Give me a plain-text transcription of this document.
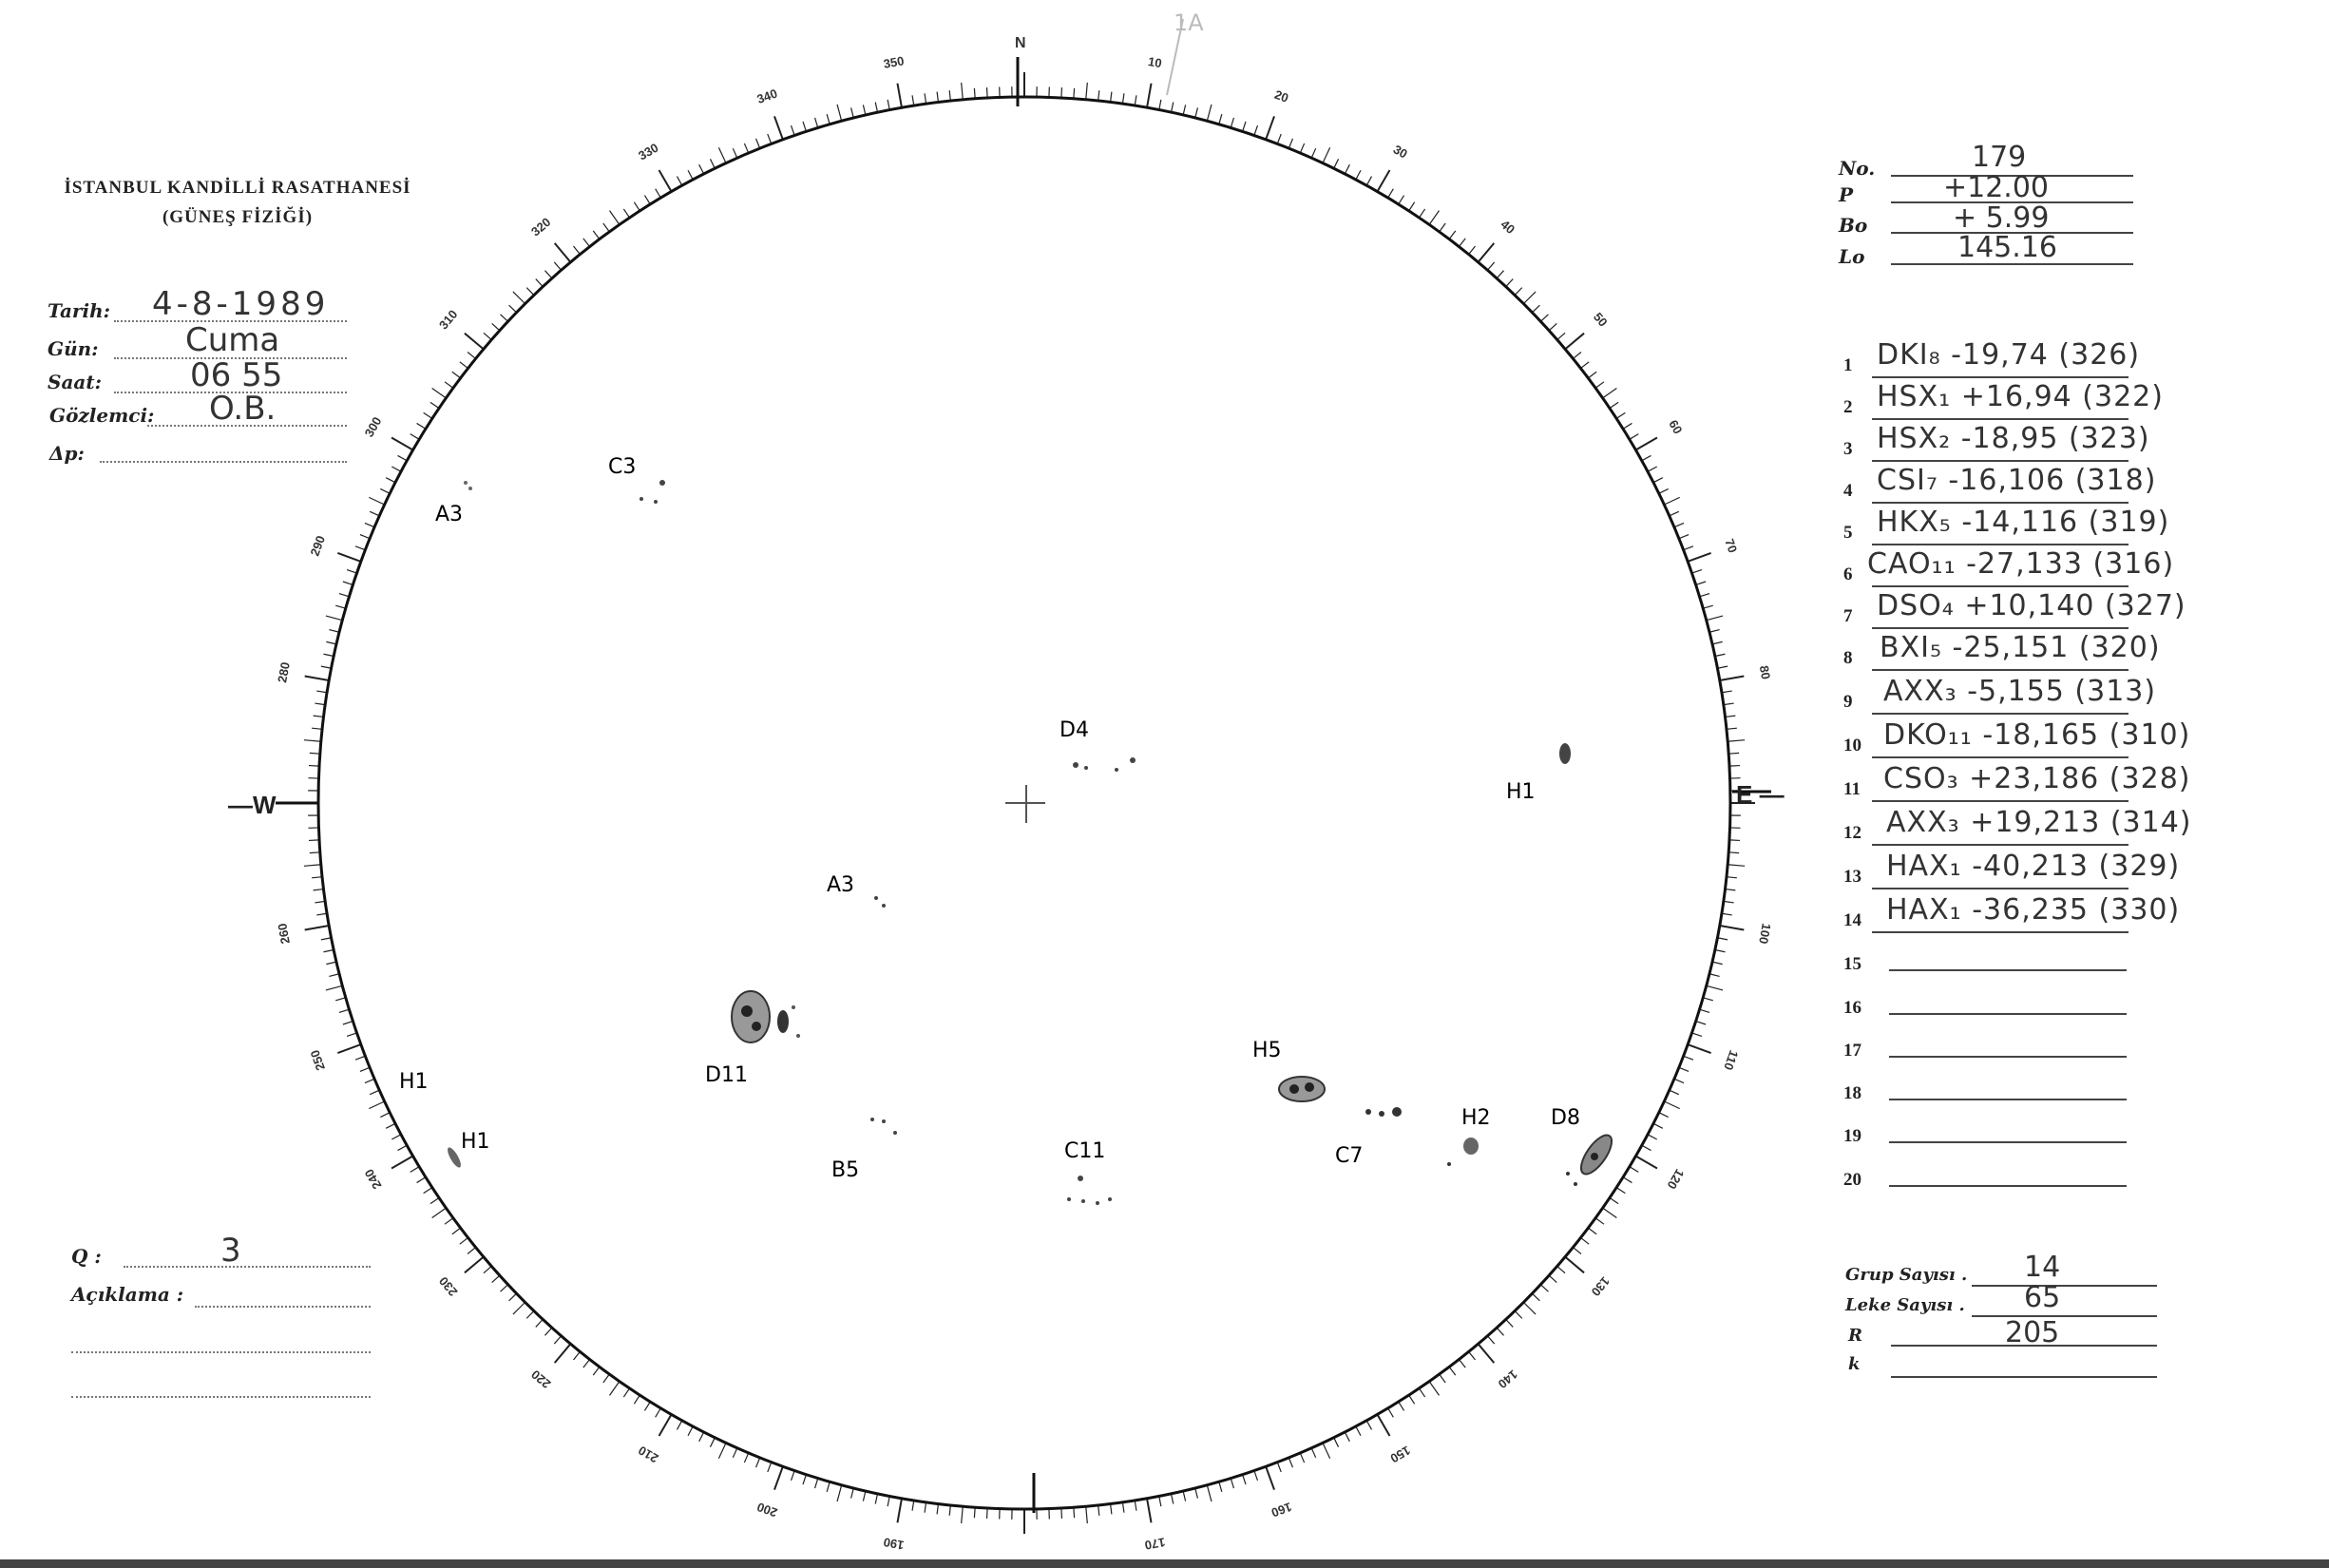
İSTANBUL KANDİLLİ RASATHANESİ
(GÜNEŞ FİZİĞİ)
Tarih: 4-8-1989
Gün:	Cuma
Saat:	06 55
Gözlemci: O.B.
Δp:
No.	179
P	+12.00
Bo	+ 5.99
Lo	145.16
1 DKI₈ -19,74 (326)
2 HSX₁ +16,94 (322)
3 HSX₂ -18,95 (323)
4 CSI₇ -16,106 (318)
5 HKX₅ -14,116 (319)
6 CAO₁₁ -27,133 (316)
7 DSO₄ +10,140 (327)
8 BXI₅ -25,151 (320)
9 AXX₃ -5,155 (313)
10 DKO₁₁ -18,165 (310)
11 CSO₃ +23,186 (328)
12 AXX₃ +19,213 (314)
13 HAX₁ -40,213 (329)
14 HAX₁ -36,235 (330)
15
16
17
18
19
20
Grup Sayısı . 14
Leke Sayısı . 65
R	205
k
Q :	3
Açıklama :
10
20
30
40
50
60
70
80
100
110
120
130
140
150
160
170
190
200
210
220
230
240
250
260
280
290
300
310
320
330
340
350
C3
A3
D4
H1
A3
D11
H5
H2	D8
C7
C11
B5
H1
H1
N
—W	E —
1A
